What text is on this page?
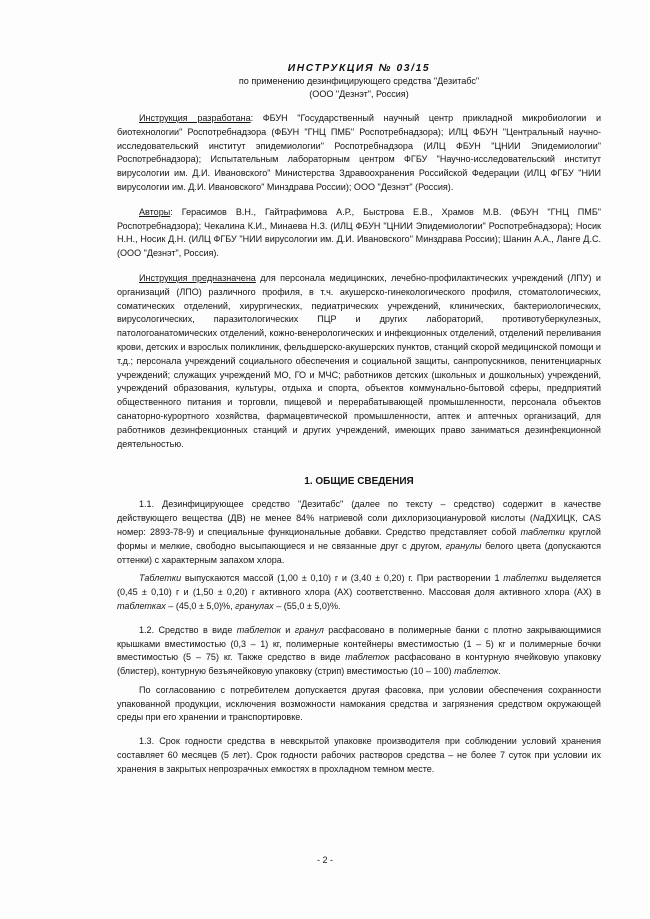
ИНСТРУКЦИЯ № 03/15

по применению дезинфицирующего средства "Дезитабс"

(ООО "Дезнэт", Россия)

Инструкция разработана: ФБУН "Государственный научный центр прикладной микробиологии и биотехнологии" Роспотребнадзора (ФБУН "ГНЦ ПМБ" Роспотребнадзора); ИЛЦ ФБУН "Центральный научно-исследовательский институт эпидемиологии" Роспотребнадзора (ИЛЦ ФБУН "ЦНИИ Эпидемиологии" Роспотребнадзора); Испытательным лабораторным центром ФГБУ "Научно-исследовательский институт вирусологии им. Д.И. Ивановского" Министерства Здравоохранения Российской Федерации (ИЛЦ ФГБУ "НИИ вирусологии им. Д.И. Ивановского" Минздрава России); ООО "Дезнэт" (Россия).

Авторы: Герасимов В.Н., Гайтрафимова А.Р., Быстрова Е.В., Храмов М.В. (ФБУН "ГНЦ ПМБ" Роспотребнадзора); Чекалина К.И., Минаева Н.З. (ИЛЦ ФБУН "ЦНИИ Эпидемиологии" Роспотребнадзора); Носик Н.Н., Носик Д.Н. (ИЛЦ ФГБУ "НИИ вирусологии им. Д.И. Ивановского" Минздрава России); Шанин А.А., Ланге Д.С. (ООО "Дезнэт", Россия).

Инструкция предназначена для персонала медицинских, лечебно-профилактических учреждений (ЛПУ) и организаций (ЛПО) различного профиля, в т.ч. акушерско-гинекологического профиля, стоматологических, соматических отделений, хирургических, педиатрических учреждений, клинических, бактериологических, вирусологических, паразитологических ПЦР и других лабораторий, противотуберкулезных, патологоанатомических отделений, кожно-венерологических и инфекционных отделений, отделений переливания крови, детских и взрослых поликлиник, фельдшерско-акушерских пунктов, станций скорой медицинской помощи и т.д.; персонала учреждений социального обеспечения и социальной защиты, санпропускников, пенитенциарных учреждений; служащих учреждений МО, ГО и МЧС; работников детских (школьных и дошкольных) учреждений, учреждений образования, культуры, отдыха и спорта, объектов коммунально-бытовой сферы, предприятий общественного питания и торговли, пищевой и перерабатывающей промышленности, персонала объектов санаторно-курортного хозяйства, фармацевтической промышленности, аптек и аптечных организаций, для работников дезинфекционных станций и других учреждений, имеющих право заниматься дезинфекционной деятельностью.

1. ОБЩИЕ СВЕДЕНИЯ

1.1. Дезинфицирующее средство "Дезитабс" (далее по тексту – средство) содержит в качестве действующего вещества (ДВ) не менее 84% натриевой соли дихлоризоциануровой кислоты (NaДХИЦК, CAS номер: 2893-78-9) и специальные функциональные добавки. Средство представляет собой таблетки круглой формы и мелкие, свободно высыпающиеся и не связанные друг с другом, гранулы белого цвета (допускаются оттенки) с характерным запахом хлора.

Таблетки выпускаются массой (1,00 ± 0,10) г и (3,40 ± 0,20) г. При растворении 1 таблетки выделяется (0,45 ± 0,10) г и (1,50 ± 0,20) г активного хлора (АХ) соответственно. Массовая доля активного хлора (АХ) в таблетках – (45,0 ± 5,0)%, гранулах – (55,0 ± 5,0)%.

1.2. Средство в виде таблеток и гранул расфасовано в полимерные банки с плотно закрывающимися крышками вместимостью (0,3 – 1) кг, полимерные контейнеры вместимостью (1 – 5) кг и полимерные бочки вместимостью (5 – 75) кг. Также средство в виде таблеток расфасовано в контурную ячейковую упаковку (блистер), контурную безъячейковую упаковку (стрип) вместимостью (10 – 100) таблеток.

По согласованию с потребителем допускается другая фасовка, при условии обеспечения сохранности упакованной продукции, исключения возможности намокания средства и загрязнения средством окружающей среды при его хранении и транспортировке.

1.3. Срок годности средства в невскрытой упаковке производителя при соблюдении условий хранения составляет 60 месяцев (5 лет). Срок годности рабочих растворов средства – не более 7 суток при условии их хранения в закрытых непрозрачных емкостях в прохладном темном месте.

- 2 -
